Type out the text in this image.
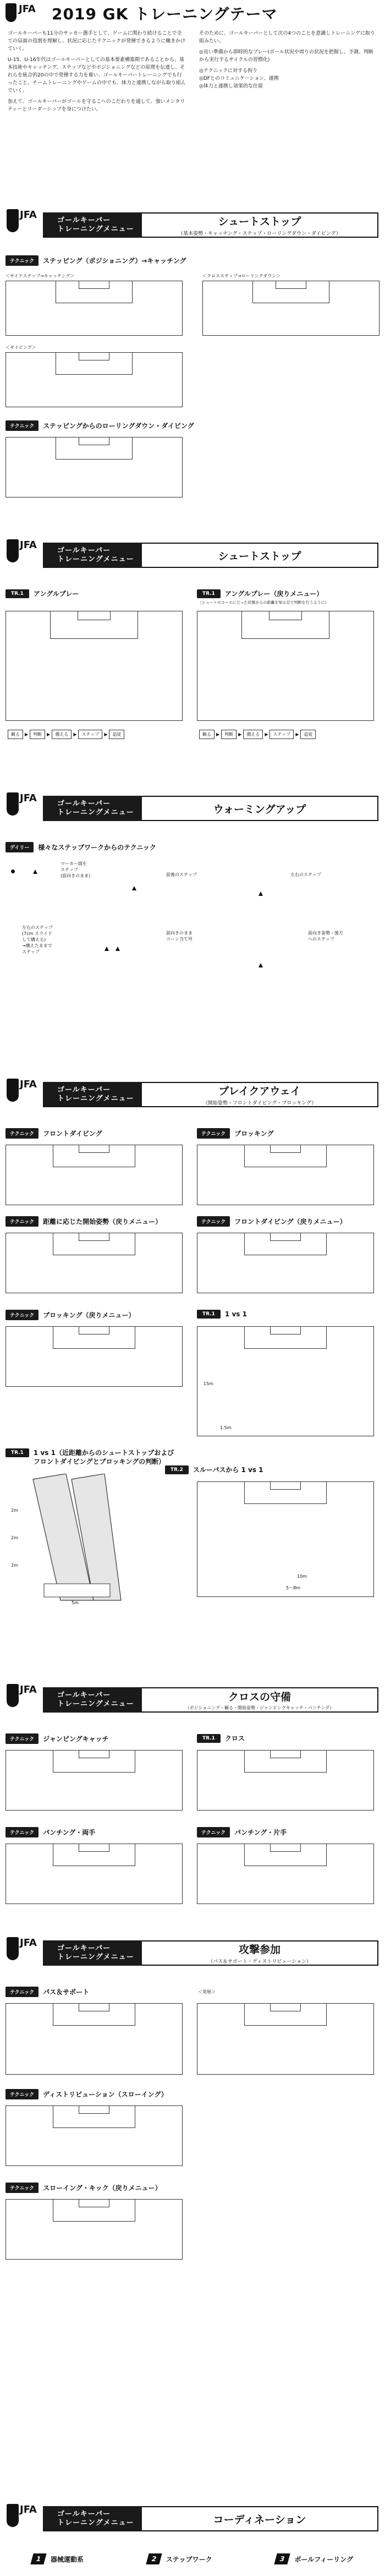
JFA 2019 GK トレーニングテーマ

ゴールキーパーも11分のサッカー選手として、ゲームに関わり続けることで全ての局面の役割を理解し、状況に応じたテクニックが発揮できるように働きかけていく。

U-15、U-16年代はゴールキーパーとしての基本要素構築期であることから、基本技術やキャッチング、ステップなどやポジショニングなどの原理を伝達し、それらを統合的20の中で発揮する力を養い、ゴールキーパートレーニングでも行ったこと、チームトレーニングやゲームの中でも、体力と連携しながら取り組んでいく。

加えて、ゴールキーパーがゴールを守るこへのこだわりを通して、強いメンタリティーとリーダーシップを身につけたい。

そのために、ゴールキーパーとして次の4つのことを意識しトレーニングに取り組みたい。

◎良い準備から即時的なプレー(ボール状況や周りの状況を把握し、予測、判断から実行するサイクルの習慣化)

◎テクニックに対する拘り

◎DFとのコミュニケーション、連携

◎体力と連携し効果的な仕留

JFA	ゴールキーパー
トレーニングメニュー
シュートストップ
（基本姿勢・キャッチング・ステップ・ローリングダウン・ダイビング）
テクニック	ステッピング（ポジショニング）→キャッチング
＜サイドステップ→キャッチング＞	＜クロスステップ→ローリングダウン＞
＜ダイビング＞
テクニック	ステッピングからのローリングダウン・ダイビング
JFA	ゴールキーパー
トレーニングメニュー	シュートストップ
TR.1	アングルプレー	TR.1	アングルプレー（戻りメニュー）
（シュートのコースに立った状態からの距離を知る目で判断を行うように）
観る	▶	判断	▶	備える	▶	ステップ	▶	追従	観る	▶	判断	▶	備える	▶	ステップ	▶	追従
JFA	ゴールキーパー
トレーニングメニュー	ウォーミングアップ
デイリー	様々なステップワークからのテクニック
マーカー間を
ステップ
(前向きのまま)	前後のステップ	左右のステップ
左右のステップ
(7cm スライド
して構える)
→構えたままで
ステップ
前向きのまま
コーン当て外
前向き姿勢・後方
へのステップ
JFA	ゴールキーパー
トレーニングメニュー
ブレイクアウェイ
（開始姿勢・フロントダイビング・ブロッキング）
テクニック	フロントダイビング	テクニック	ブロッキング
テクニック	距離に応じた開始姿勢（戻りメニュー）	テクニック	フロントダイビング（戻りメニュー）
テクニック	ブロッキング（戻りメニュー）	TR.1	1 vs 1
15m
1.5m
TR.1	1 vs 1（近距離からのシュートストップおよび
フロントダイビングとブロッキングの判断）
2m
2m
2m
5m
TR.2	スルーパスから 1 vs 1
10m
5～8m
JFA	ゴールキーパー
トレーニングメニュー
クロスの守備
（ポジショニング・観る・開始姿勢・ジャンピングキャッチ・パンチング）
テクニック	ジャンピングキャッチ	TR.1	クロス
テクニック	パンチング・両手	テクニック	パンチング・片手
JFA	ゴールキーパー
トレーニングメニュー
攻撃参加
（パス＆サポート・ディストリビューション）
テクニック	パス＆サポート	＜発展＞
テクニック	ディストリビューション（スローイング）
テクニック	スローイング・キック（戻りメニュー）
JFA	ゴールキーパー
トレーニングメニュー	コーディネーション
1	器械運動系	2	ステップワーク	3	ボールフィーリング
